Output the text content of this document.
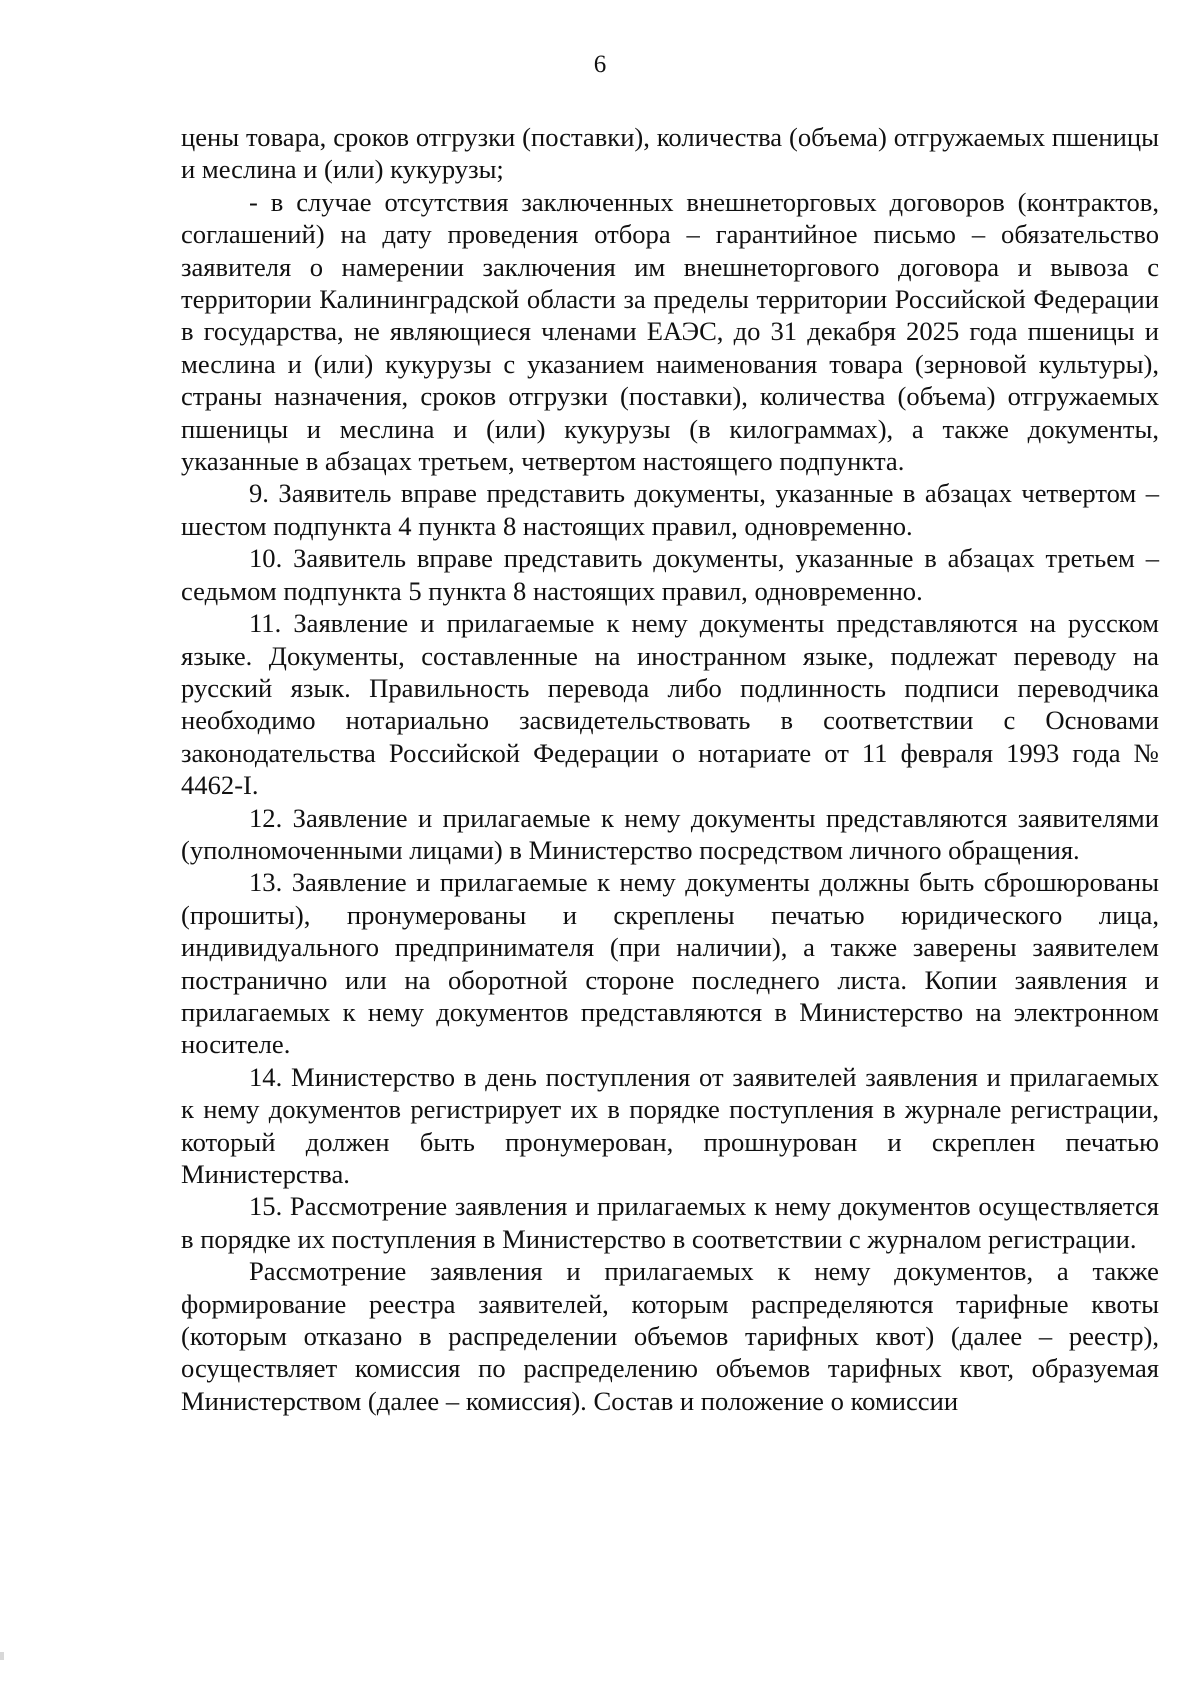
6

цены товара, сроков отгрузки (поставки), количества (объема) отгружаемых пшеницы и меслина и (или) кукурузы;

- в случае отсутствия заключенных внешнеторговых договоров (контрактов, соглашений) на дату проведения отбора – гарантийное письмо – обязательство заявителя о намерении заключения им внешнеторгового договора и вывоза с территории Калининградской области за пределы территории Российской Федерации в государства, не являющиеся членами ЕАЭС, до 31 декабря 2025 года пшеницы и меслина и (или) кукурузы с указанием наименования товара (зерновой культуры), страны назначения, сроков отгрузки (поставки), количества (объема) отгружаемых пшеницы и меслина и (или) кукурузы (в килограммах), а также документы, указанные в абзацах третьем, четвертом настоящего подпункта.

9. Заявитель вправе представить документы, указанные в абзацах четвертом – шестом подпункта 4 пункта 8 настоящих правил, одновременно.

10. Заявитель вправе представить документы, указанные в абзацах третьем – седьмом подпункта 5 пункта 8 настоящих правил, одновременно.

11. Заявление и прилагаемые к нему документы представляются на русском языке. Документы, составленные на иностранном языке, подлежат переводу на русский язык. Правильность перевода либо подлинность подписи переводчика необходимо нотариально засвидетельствовать в соответствии с Основами законодательства Российской Федерации о нотариате от 11 февраля 1993 года № 4462-I.

12. Заявление и прилагаемые к нему документы представляются заявителями (уполномоченными лицами) в Министерство посредством личного обращения.

13. Заявление и прилагаемые к нему документы должны быть сброшюрованы (прошиты), пронумерованы и скреплены печатью юридического лица, индивидуального предпринимателя (при наличии), а также заверены заявителем постранично или на оборотной стороне последнего листа. Копии заявления и прилагаемых к нему документов представляются в Министерство на электронном носителе.

14. Министерство в день поступления от заявителей заявления и прилагаемых к нему документов регистрирует их в порядке поступления в журнале регистрации, который должен быть пронумерован, прошнурован и скреплен печатью Министерства.

15. Рассмотрение заявления и прилагаемых к нему документов осуществляется в порядке их поступления в Министерство в соответствии с журналом регистрации.

Рассмотрение заявления и прилагаемых к нему документов, а также формирование реестра заявителей, которым распределяются тарифные квоты (которым отказано в распределении объемов тарифных квот) (далее – реестр), осуществляет комиссия по распределению объемов тарифных квот, образуемая Министерством (далее – комиссия). Состав и положение о комиссии
